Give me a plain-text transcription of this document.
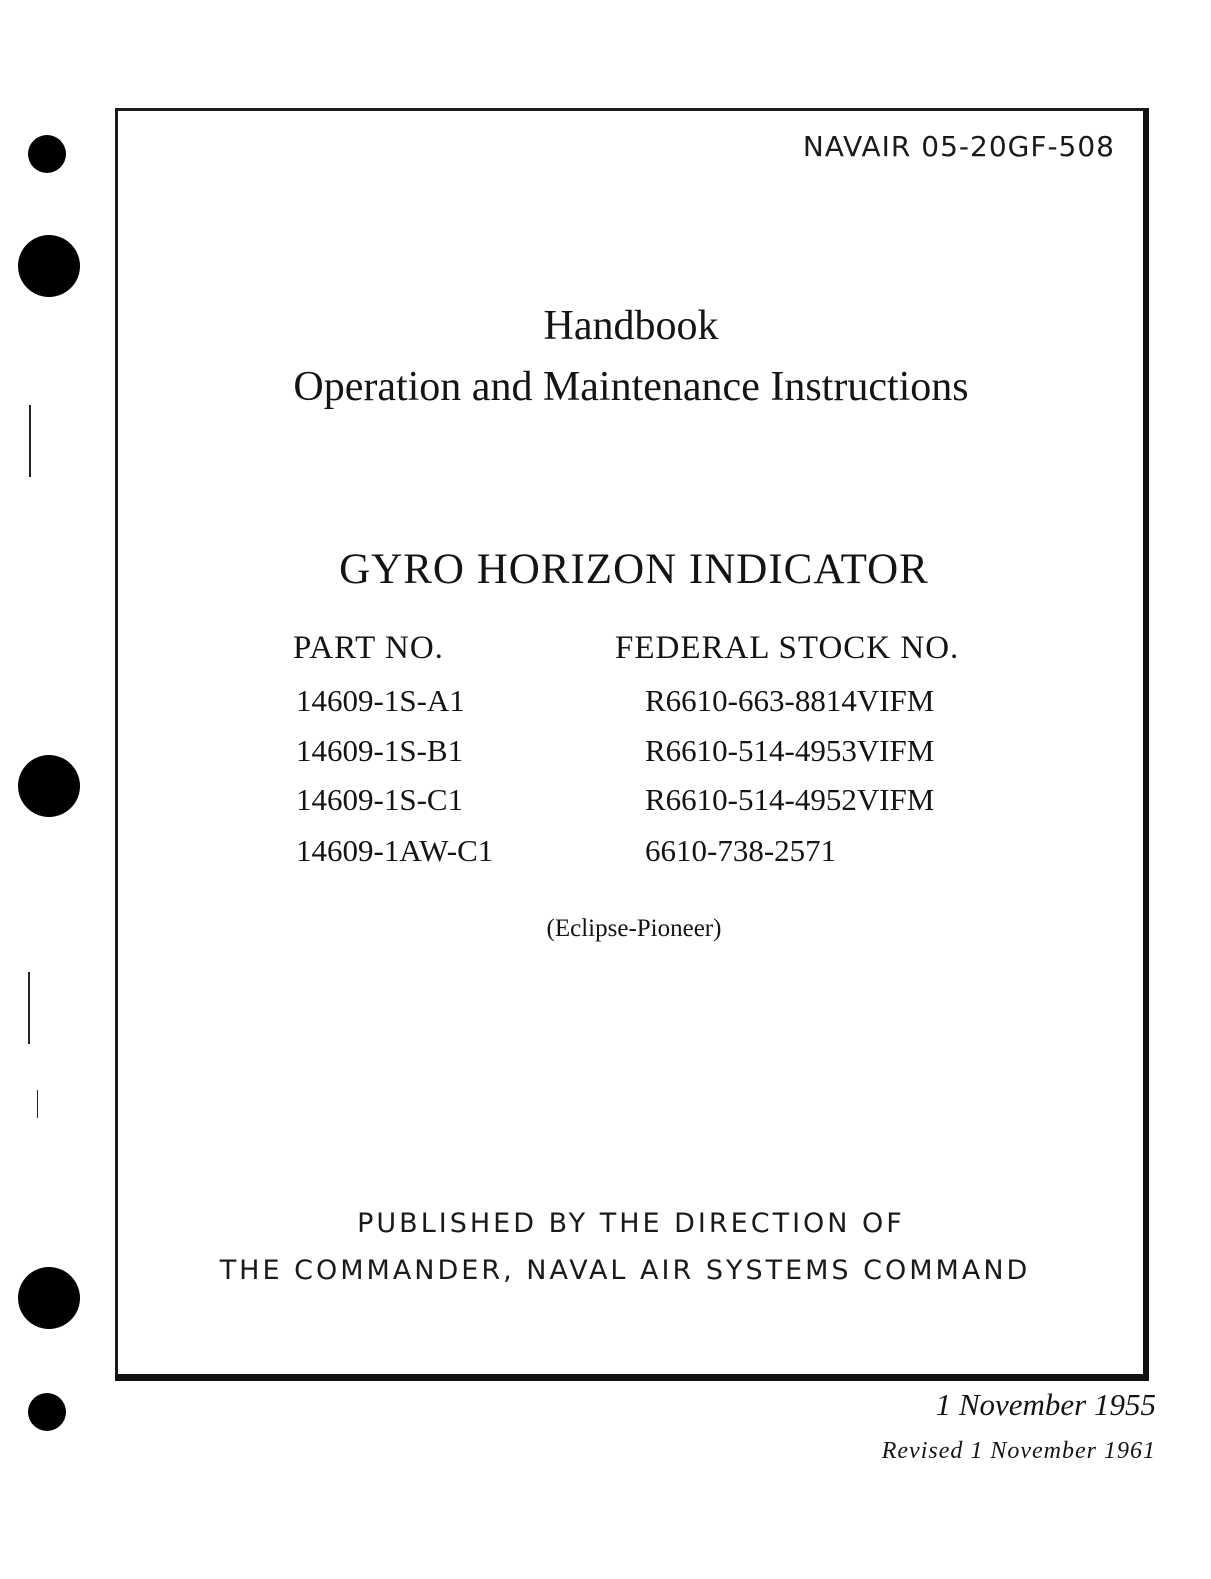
NAVAIR 05-20GF-508
Handbook
Operation and Maintenance Instructions
GYRO HORIZON INDICATOR
PART NO.	FEDERAL STOCK NO.
14609-1S-A1	R6610-663-8814VIFM
14609-1S-B1	R6610-514-4953VIFM
14609-1S-C1	R6610-514-4952VIFM
14609-1AW-C1	6610-738-2571
(Eclipse-Pioneer)
PUBLISHED BY THE DIRECTION OF
THE COMMANDER, NAVAL AIR SYSTEMS COMMAND
1 November 1955
Revised 1 November 1961
